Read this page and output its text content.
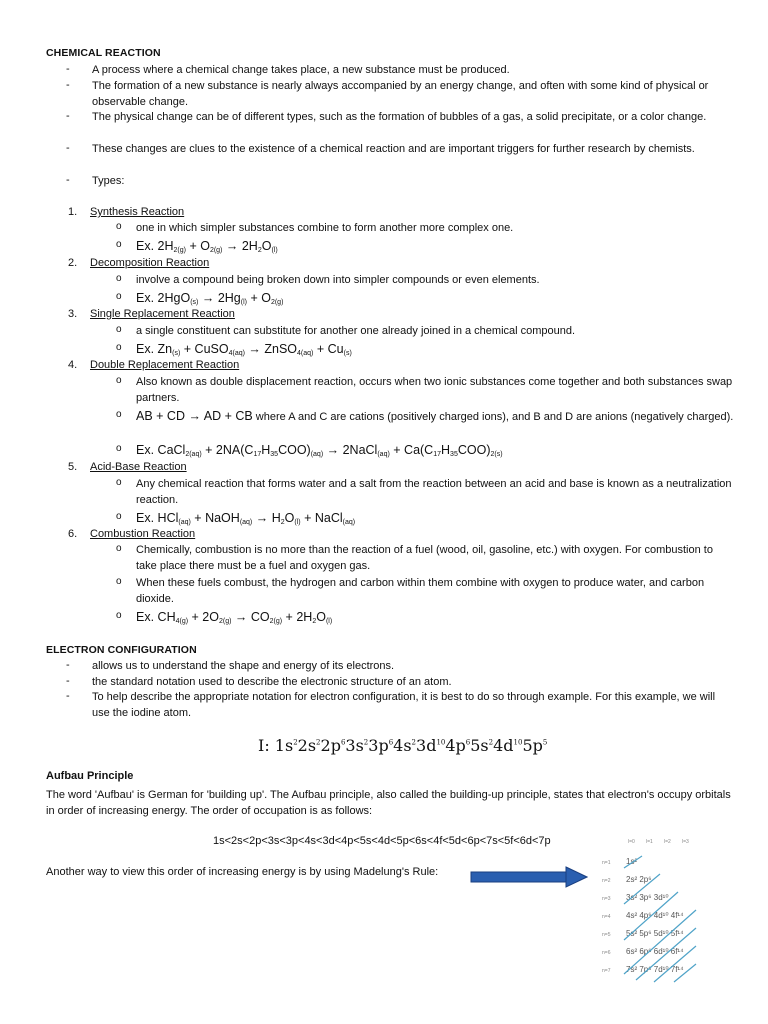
CHEMICAL REACTION
- A process where a chemical change takes place, a new substance must be produced.
- The formation of a new substance is nearly always accompanied by an energy change, and often with some kind of physical or observable change.
- The physical change can be of different types, such as the formation of bubbles of a gas, a solid precipitate, or a color change.
- These changes are clues to the existence of a chemical reaction and are important triggers for further research by chemists.
- Types:
1. Synthesis Reaction
o one in which simpler substances combine to form another more complex one.
o Ex. $2H_{2(g)} + O_{2(g)} \to 2H_2O_{(l)}$
2. Decomposition Reaction
o involve a compound being broken down into simpler compounds or even elements.
o Ex. $2HgO_{(s)} \to 2Hg_{(l)} + O_{2(g)}$
3. Single Replacement Reaction
o a single constituent can substitute for another one already joined in a chemical compound.
o Ex. $Zn_{(s)}$ + CuSO$_{4(aq)}$ → ZnSO$_{4(aq)}$ + $Cu_{(s)}$
4. Double Replacement Reaction
o Also known as double displacement reaction, occurs when two ionic substances come together and both substances swap partners.
o AB + CD → AD + CB where A and C are cations (positively charged ions), and B and D are anions (negatively charged).
o Ex. CaCl$_{2(aq)}$ + $2NA(C_{17}H_{35}COO)_{(aq)}$ → 2NaCl$_{(aq)}$ + $Ca(C_{17}H_{35}COO)_{2(s)}$
5. Acid-Base Reaction
o Any chemical reaction that forms water and a salt from the reaction between an acid and base is known as a neutralization reaction.
o Ex. HCl$_{(aq)}$ + NaOH$_{(aq)}$ → $H_2O_{(l)}$ + NaCl$_{(aq)}$
6. Combustion Reaction
o Chemically, combustion is no more than the reaction of a fuel (wood, oil, gasoline, etc.) with oxygen. For combustion to take place there must be a fuel and oxygen gas.
o When these fuels combust, the hydrogen and carbon within them combine with oxygen to produce water, and carbon dioxide.
o Ex. $CH_{4(g)} + 2O_{2(g)} \to CO_{2(g)} + 2H_2O_{(l)}$
ELECTRON CONFIGURATION
- allows us to understand the shape and energy of its electrons.
- the standard notation used to describe the electronic structure of an atom.
- To help describe the appropriate notation for electron configuration, it is best to do so through example. For this example, we will use the iodine atom.
I: $1s^22s^22p^63s^23p^64s^23d^{10}4p^65s^24d^{10}5p^5$
Aufbau Principle
The word 'Aufbau' is German for 'building up'. The Aufbau principle, also called the building-up principle, states that electron's occupy orbitals in order of increasing energy. The order of occupation is as follows:
1s<2s<2p<3s<3p<4s<3d<4p<5s<4d<5p<6s<4f<5d<6p<7s<5f<6d<7p
Another way to view this order of increasing energy is by using Madelung's Rule:
l=0 l=1 l=2 l=3
n=1
n=2
n=3
n=4
n=5
n=6
n=7
1s²
2s² 2p⁶
3s² 3p⁶ 3d¹⁰
4s² 4p⁶ 4d¹⁰ 4f¹⁴
5s² 5p⁶ 5d¹⁰ 5f¹⁴
6s² 6p⁶ 6d¹⁰ 6f¹⁴
7s² 7p⁶ 7d¹⁰ 7f¹⁴
